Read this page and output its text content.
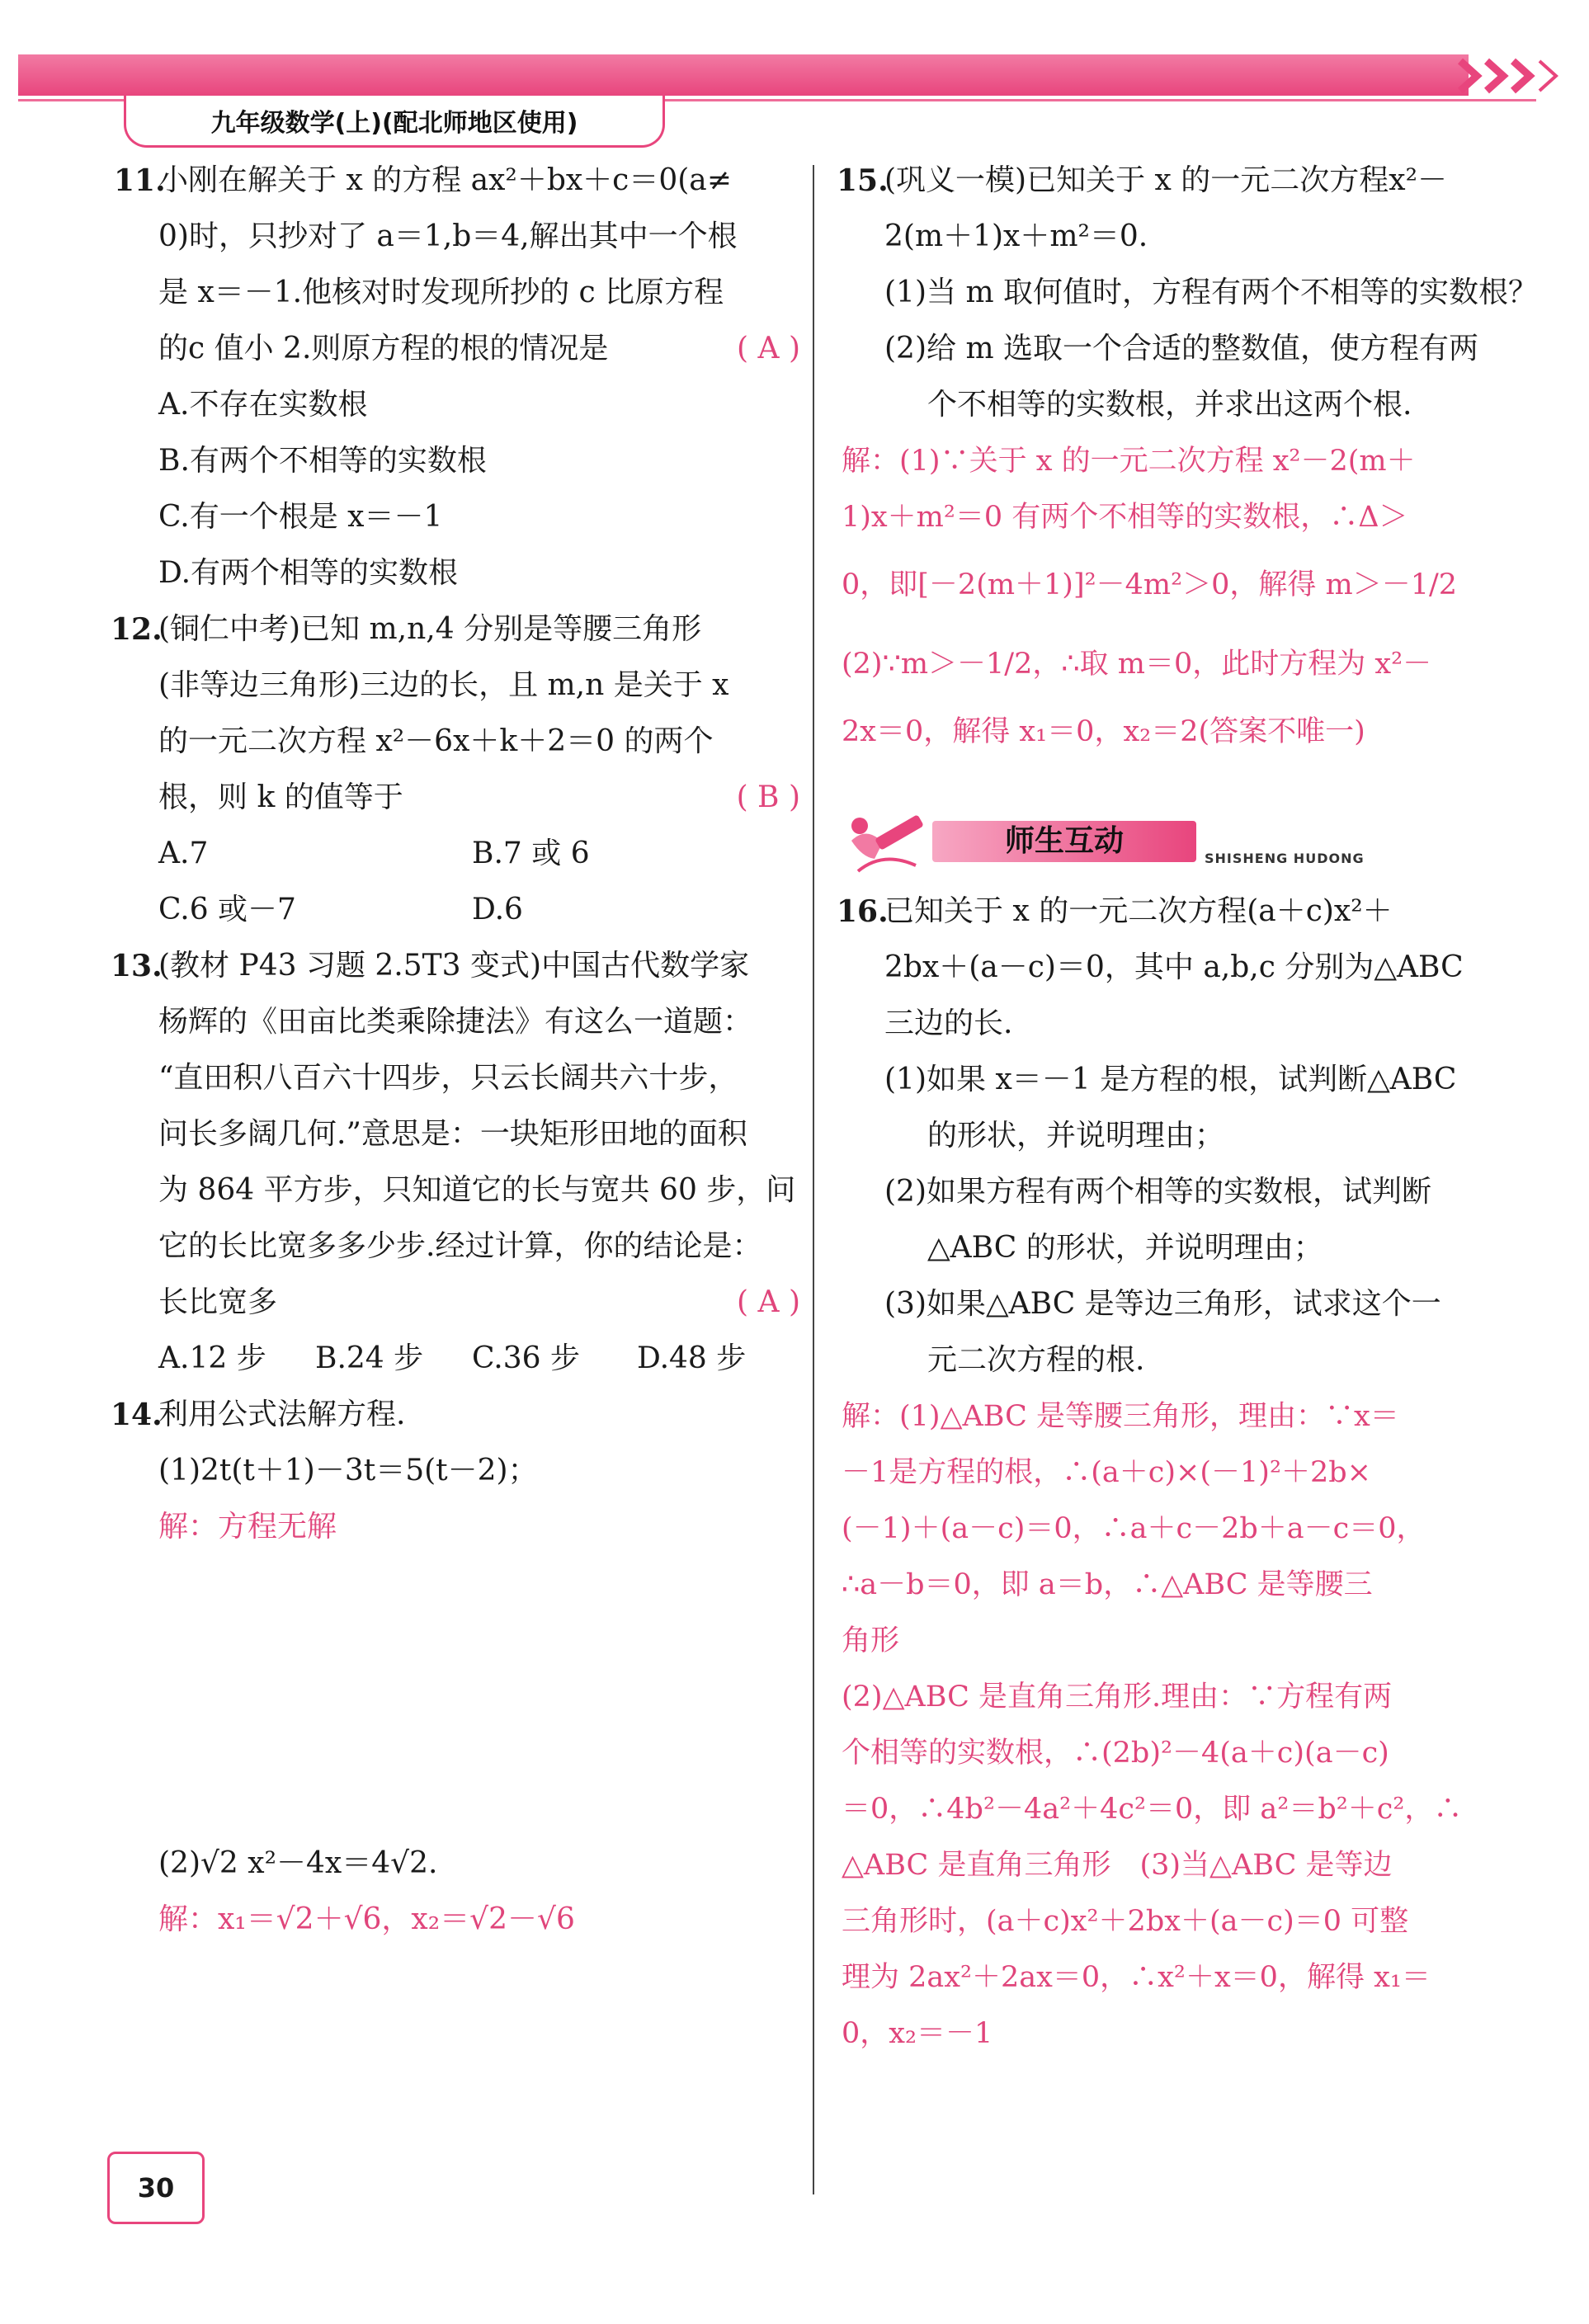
九年级数学(上)(配北师地区使用)
11.
小刚在解关于 x 的方程 ax²＋bx＋c＝0(a≠
0)时，只抄对了 a＝1,b＝4,解出其中一个根
是 x＝－1.他核对时发现所抄的 c 比原方程
的c 值小 2.则原方程的根的情况是	( A )
A.不存在实数根
B.有两个不相等的实数根
C.有一个根是 x＝－1
D.有两个相等的实数根
12.
(铜仁中考)已知 m,n,4 分别是等腰三角形
(非等边三角形)三边的长，且 m,n 是关于 x
的一元二次方程 x²－6x＋k＋2＝0 的两个
根，则 k 的值等于	( B )
A.7	B.7 或 6
C.6 或－7	D.6
13.
(教材 P43 习题 2.5T3 变式)中国古代数学家
杨辉的《田亩比类乘除捷法》有这么一道题：
“直田积八百六十四步，只云长阔共六十步，
问长多阔几何.”意思是：一块矩形田地的面积
为 864 平方步，只知道它的长与宽共 60 步，问
它的长比宽多多少步.经过计算，你的结论是：
长比宽多	( A )
A.12 步	B.24 步	C.36 步	D.48 步
14.
利用公式法解方程.
(1)2t(t＋1)－3t＝5(t－2)；
解：方程无解
(2)√2 x²－4x＝4√2.
解：x₁＝√2＋√6，x₂＝√2－√6
15.
(巩义一模)已知关于 x 的一元二次方程x²－
2(m＋1)x＋m²＝0.
(1)当 m 取何值时，方程有两个不相等的实数根？
(2)给 m 选取一个合适的整数值，使方程有两
个不相等的实数根，并求出这两个根.
解：(1)∵关于 x 的一元二次方程 x²－2(m＋
1)x＋m²＝0 有两个不相等的实数根，∴Δ＞
0，即[－2(m＋1)]²－4m²＞0，解得 m＞－1/2
(2)∵m＞－1/2，∴取 m＝0，此时方程为 x²－
2x＝0，解得 x₁＝0，x₂＝2(答案不唯一)
师生互动
SHISHENG HUDONG
16.
已知关于 x 的一元二次方程(a＋c)x²＋
2bx＋(a－c)＝0，其中 a,b,c 分别为△ABC
三边的长.
(1)如果 x＝－1 是方程的根，试判断△ABC
的形状，并说明理由；
(2)如果方程有两个相等的实数根，试判断
△ABC 的形状，并说明理由；
(3)如果△ABC 是等边三角形，试求这个一
元二次方程的根.
解：(1)△ABC 是等腰三角形，理由：∵x＝
－1是方程的根，∴(a＋c)×(－1)²＋2b×
(－1)＋(a－c)＝0，∴a＋c－2b＋a－c＝0，
∴a－b＝0，即 a＝b，∴△ABC 是等腰三
角形
(2)△ABC 是直角三角形.理由：∵方程有两
个相等的实数根，∴(2b)²－4(a＋c)(a－c)
＝0，∴4b²－4a²＋4c²＝0，即 a²＝b²＋c²，∴
△ABC 是直角三角形　(3)当△ABC 是等边
三角形时，(a＋c)x²＋2bx＋(a－c)＝0 可整
理为 2ax²＋2ax＝0，∴x²＋x＝0，解得 x₁＝
0，x₂＝－1
30
